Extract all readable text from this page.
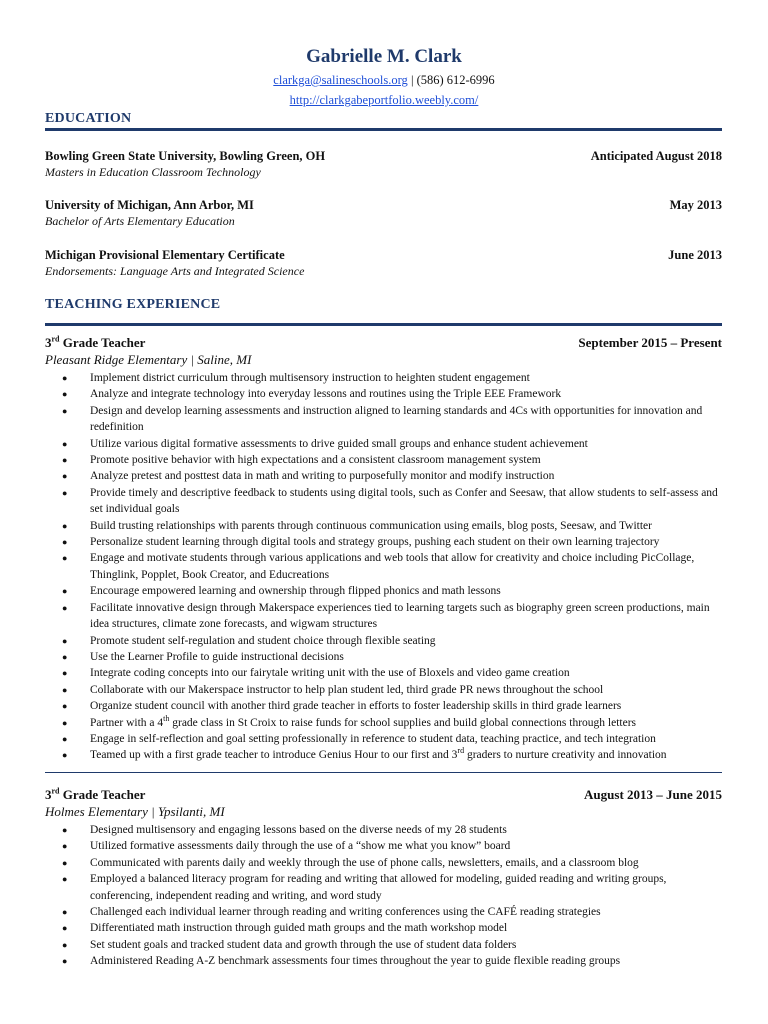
Gabrielle M. Clark
clarkga@salineschools.org | (586) 612-6996
http://clarkgabeportfolio.weebly.com/
EDUCATION
Bowling Green State University, Bowling Green, OH	Anticipated August 2018
Masters in Education Classroom Technology
University of Michigan, Ann Arbor, MI	May 2013
Bachelor of Arts Elementary Education
Michigan Provisional Elementary Certificate	June 2013
Endorsements: Language Arts and Integrated Science
TEACHING EXPERIENCE
3rd Grade Teacher	September 2015 – Present
Pleasant Ridge Elementary | Saline, MI
● Implement district curriculum through multisensory instruction to heighten student engagement
● Analyze and integrate technology into everyday lessons and routines using the Triple EEE Framework
● Design and develop learning assessments and instruction aligned to learning standards and 4Cs with opportunities for innovation and redefinition
● Utilize various digital formative assessments to drive guided small groups and enhance student achievement
● Promote positive behavior with high expectations and a consistent classroom management system
● Analyze pretest and posttest data in math and writing to purposefully monitor and modify instruction
● Provide timely and descriptive feedback to students using digital tools, such as Confer and Seesaw, that allow students to self-assess and set individual goals
● Build trusting relationships with parents through continuous communication using emails, blog posts, Seesaw, and Twitter
● Personalize student learning through digital tools and strategy groups, pushing each student on their own learning trajectory
● Engage and motivate students through various applications and web tools that allow for creativity and choice including PicCollage, Thinglink, Popplet, Book Creator, and Educreations
● Encourage empowered learning and ownership through flipped phonics and math lessons
● Facilitate innovative design through Makerspace experiences tied to learning targets such as biography green screen productions, main idea structures, climate zone forecasts, and wigwam structures
● Promote student self-regulation and student choice through flexible seating
● Use the Learner Profile to guide instructional decisions
● Integrate coding concepts into our fairytale writing unit with the use of Bloxels and video game creation
● Collaborate with our Makerspace instructor to help plan student led, third grade PR news throughout the school
● Organize student council with another third grade teacher in efforts to foster leadership skills in third grade learners
● Partner with a 4th grade class in St Croix to raise funds for school supplies and build global connections through letters
● Engage in self-reflection and goal setting professionally in reference to student data, teaching practice, and tech integration
● Teamed up with a first grade teacher to introduce Genius Hour to our first and 3rd graders to nurture creativity and innovation
3rd Grade Teacher	August 2013 – June 2015
Holmes Elementary | Ypsilanti, MI
● Designed multisensory and engaging lessons based on the diverse needs of my 28 students
● Utilized formative assessments daily through the use of a “show me what you know” board
● Communicated with parents daily and weekly through the use of phone calls, newsletters, emails, and a classroom blog
● Employed a balanced literacy program for reading and writing that allowed for modeling, guided reading and writing groups, conferencing, independent reading and writing, and word study
● Challenged each individual learner through reading and writing conferences using the CAFÉ reading strategies
● Differentiated math instruction through guided math groups and the math workshop model
● Set student goals and tracked student data and growth through the use of student data folders
● Administered Reading A-Z benchmark assessments four times throughout the year to guide flexible reading groups
